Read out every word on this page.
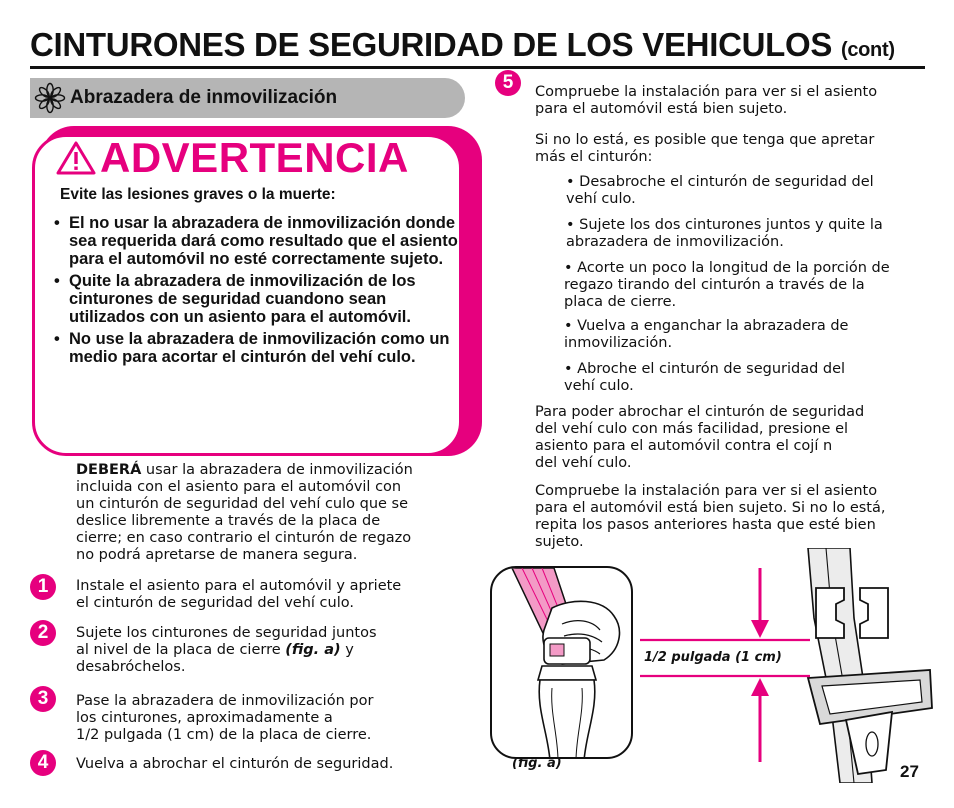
CINTURONES DE SEGURIDAD DE LOS VEHICULOS (cont)
Abrazadera de inmovilización
ADVERTENCIA
Evite las lesiones graves o la muerte:
• El no usar la abrazadera de inmovilización donde sea requerida dará como resultado que el asiento para el automóvil no esté correctamente sujeto.
• Quite la abrazadera de inmovilización de los cinturones de seguridad cuandono sean utilizados con un asiento para el automóvil.
• No use la abrazadera de inmovilización como un medio para acortar el cinturón del vehí culo.
DEBERÁ usar la abrazadera de inmovilización
incluida con el asiento para el automóvil con
un cinturón de seguridad del vehí culo que se
deslice libremente a través de la placa de
cierre; en caso contrario el cinturón de regazo
no podrá apretarse de manera segura.
1	Instale el asiento para el automóvil y apriete
el cinturón de seguridad del vehí culo.
2	Sujete los cinturones de seguridad juntos
al nivel de la placa de cierre (fig. a) y
desabróchelos.
3	Pase la abrazadera de inmovilización por
los cinturones, aproximadamente a
1/2 pulgada (1 cm) de la placa de cierre.
4	Vuelva a abrochar el cinturón de seguridad.
5	Compruebe la instalación para ver si el asiento
para el automóvil está bien sujeto.
Si no lo está, es posible que tenga que apretar
más el cinturón:
• Desabroche el cinturón de seguridad del
vehí culo.
• Sujete los dos cinturones juntos y quite la
abrazadera de inmovilización.
• Acorte un poco la longitud de la porción de
regazo tirando del cinturón a través de la
placa de cierre.
• Vuelva a enganchar la abrazadera de
inmovilización.
• Abroche el cinturón de seguridad del
vehí culo.
Para poder abrochar el cinturón de seguridad
del vehí culo con más facilidad, presione el
asiento para el automóvil contra el cojí n
del vehí culo.
Compruebe la instalación para ver si el asiento
para el automóvil está bien sujeto. Si no lo está,
repita los pasos anteriores hasta que esté bien
sujeto.
(fig. a)
1/2 pulgada (1 cm)
27
